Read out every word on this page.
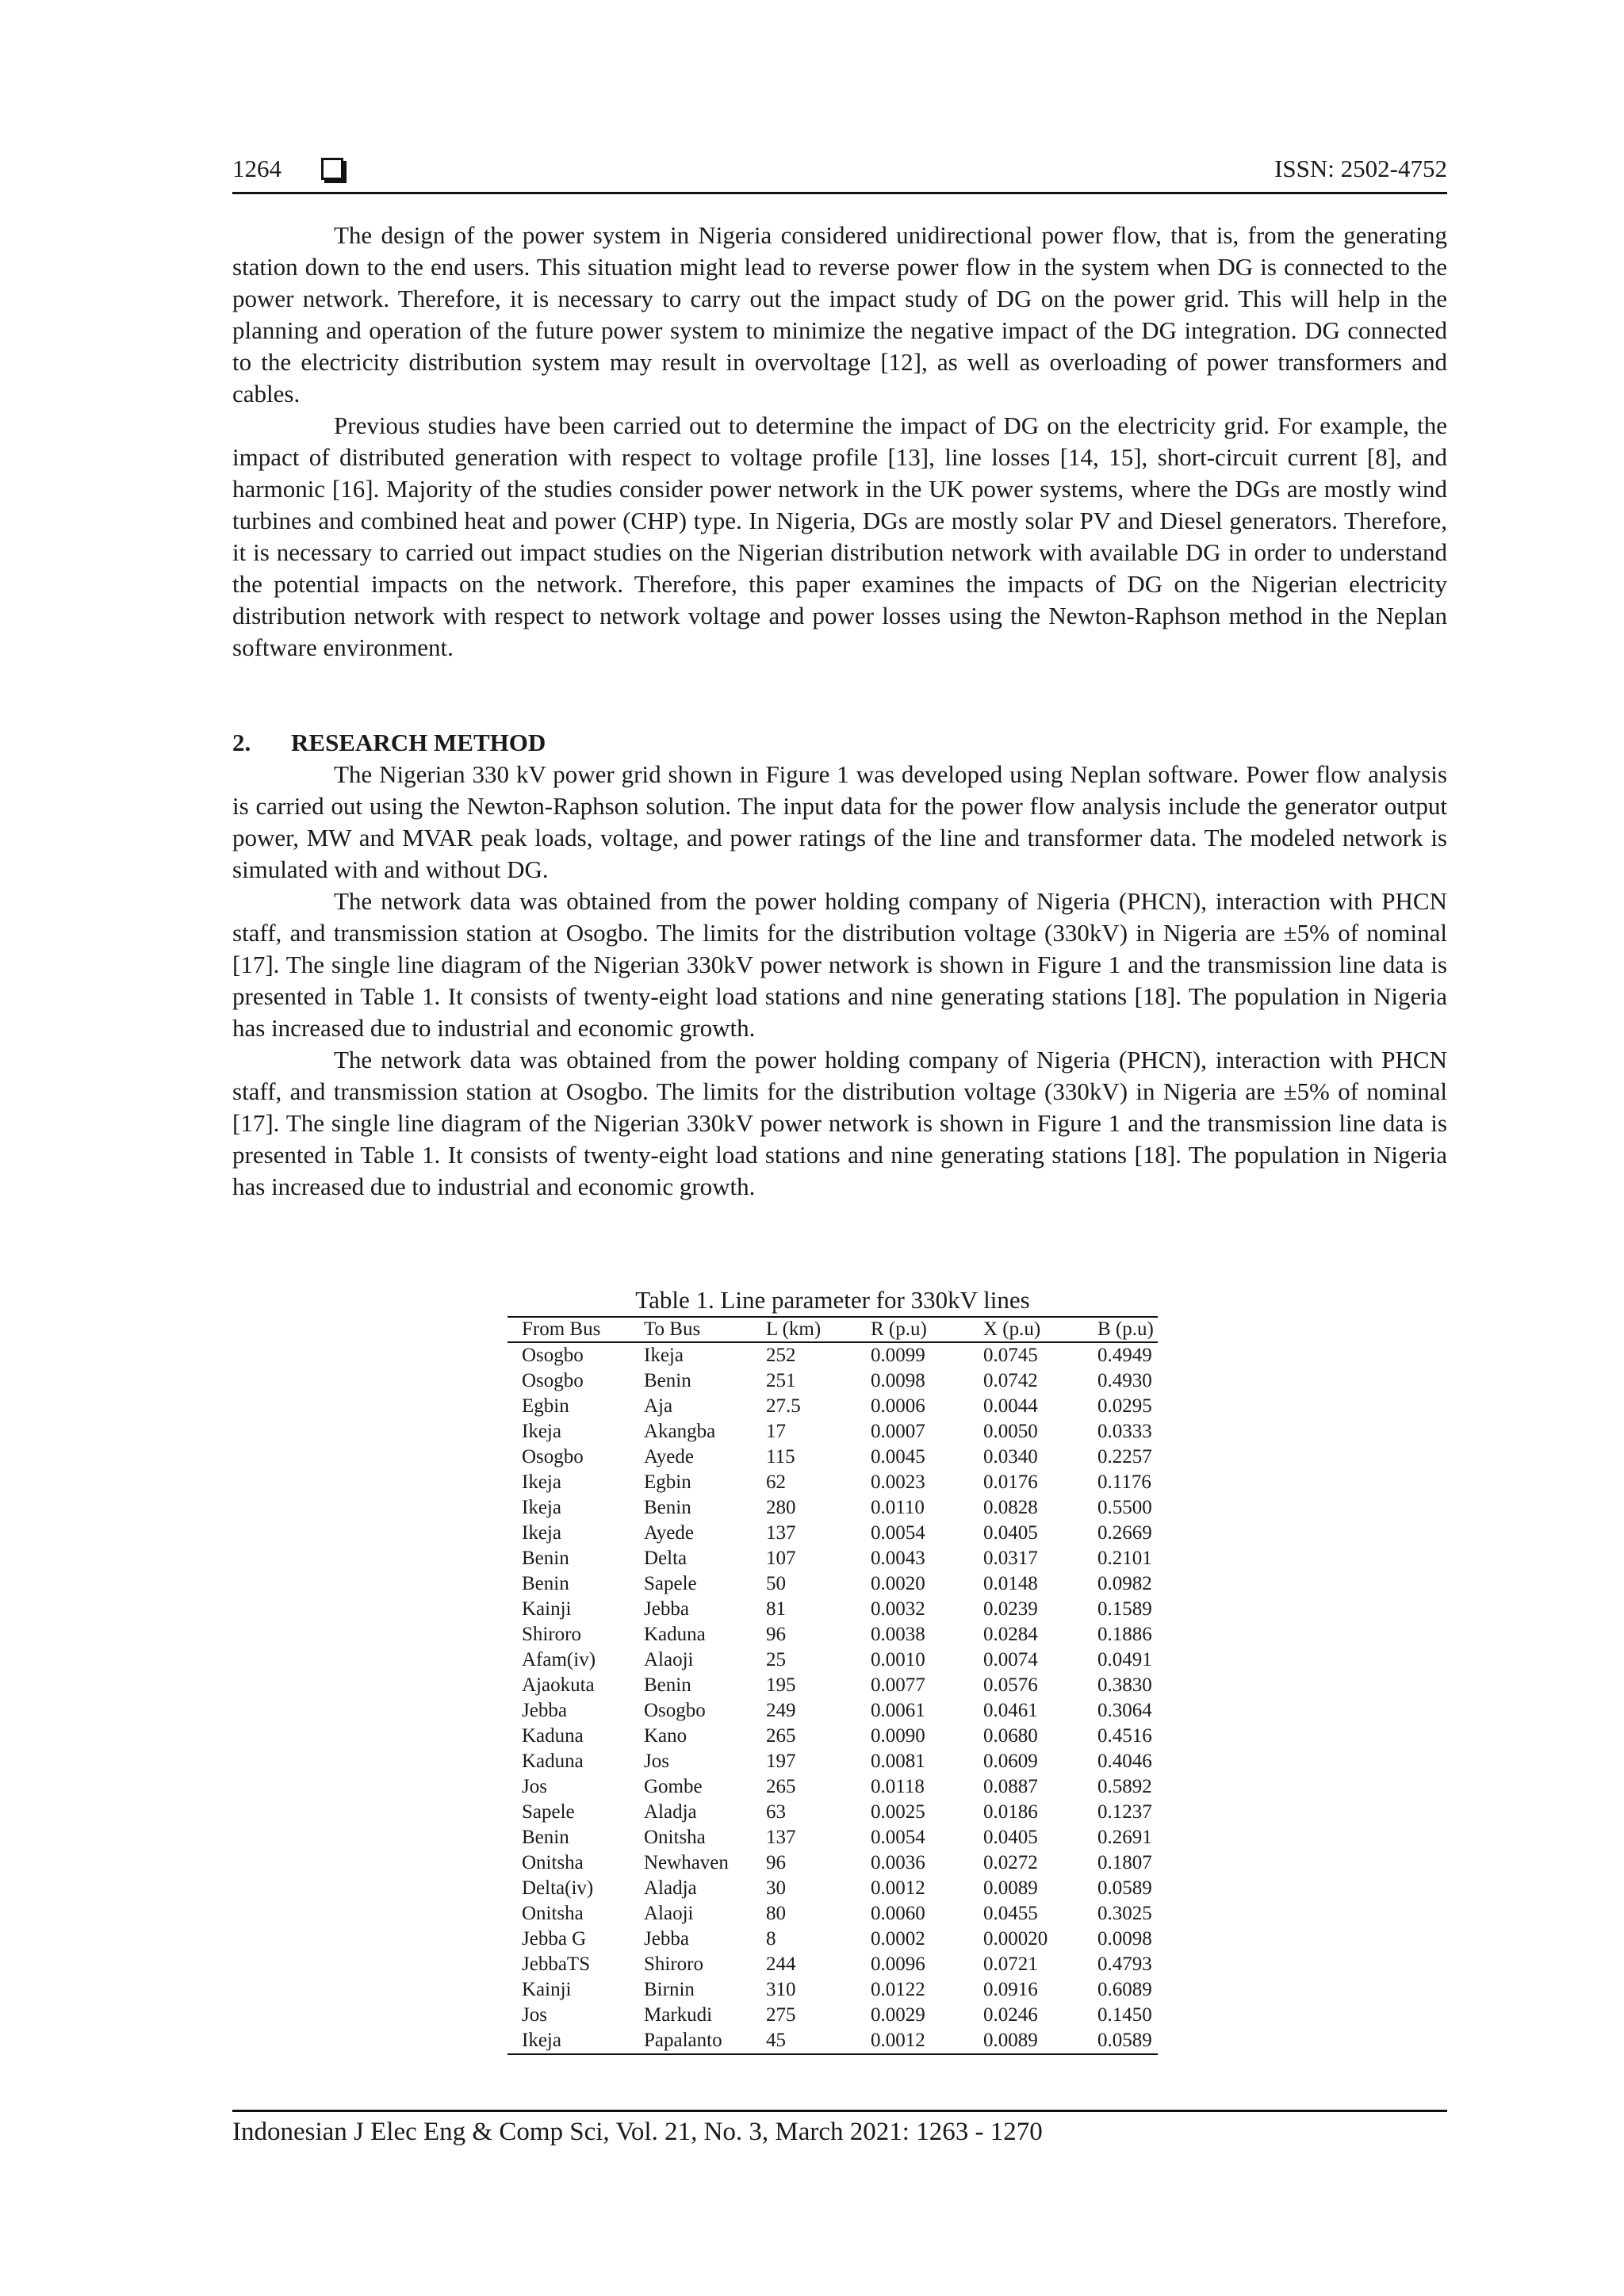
1264	ISSN: 2502-4752

The design of the power system in Nigeria considered unidirectional power flow, that is, from the generating station down to the end users. This situation might lead to reverse power flow in the system when DG is connected to the power network. Therefore, it is necessary to carry out the impact study of DG on the power grid. This will help in the planning and operation of the future power system to minimize the negative impact of the DG integration. DG connected to the electricity distribution system may result in overvoltage [12], as well as overloading of power transformers and cables.

Previous studies have been carried out to determine the impact of DG on the electricity grid. For example, the impact of distributed generation with respect to voltage profile [13], line losses [14, 15], short-circuit current [8], and harmonic [16]. Majority of the studies consider power network in the UK power systems, where the DGs are mostly wind turbines and combined heat and power (CHP) type. In Nigeria, DGs are mostly solar PV and Diesel generators. Therefore, it is necessary to carried out impact studies on the Nigerian distribution network with available DG in order to understand the potential impacts on the network. Therefore, this paper examines the impacts of DG on the Nigerian electricity distribution network with respect to network voltage and power losses using the Newton-Raphson method in the Neplan software environment.

2. RESEARCH METHOD

The Nigerian 330 kV power grid shown in Figure 1 was developed using Neplan software. Power flow analysis is carried out using the Newton-Raphson solution. The input data for the power flow analysis include the generator output power, MW and MVAR peak loads, voltage, and power ratings of the line and transformer data. The modeled network is simulated with and without DG.

The network data was obtained from the power holding company of Nigeria (PHCN), interaction with PHCN staff, and transmission station at Osogbo. The limits for the distribution voltage (330kV) in Nigeria are ±5% of nominal [17]. The single line diagram of the Nigerian 330kV power network is shown in Figure 1 and the transmission line data is presented in Table 1. It consists of twenty-eight load stations and nine generating stations [18]. The population in Nigeria has increased due to industrial and economic growth.

The network data was obtained from the power holding company of Nigeria (PHCN), interaction with PHCN staff, and transmission station at Osogbo. The limits for the distribution voltage (330kV) in Nigeria are ±5% of nominal [17]. The single line diagram of the Nigerian 330kV power network is shown in Figure 1 and the transmission line data is presented in Table 1. It consists of twenty-eight load stations and nine generating stations [18]. The population in Nigeria has increased due to industrial and economic growth.

Table 1. Line parameter for 330kV lines
From Bus	To Bus	L (km)	R (p.u)	X (p.u)	B (p.u)
Osogbo	Ikeja	252	0.0099	0.0745	0.4949
Osogbo	Benin	251	0.0098	0.0742	0.4930
Egbin	Aja	27.5	0.0006	0.0044	0.0295
Ikeja	Akangba	17	0.0007	0.0050	0.0333
Osogbo	Ayede	115	0.0045	0.0340	0.2257
Ikeja	Egbin	62	0.0023	0.0176	0.1176
Ikeja	Benin	280	0.0110	0.0828	0.5500
Ikeja	Ayede	137	0.0054	0.0405	0.2669
Benin	Delta	107	0.0043	0.0317	0.2101
Benin	Sapele	50	0.0020	0.0148	0.0982
Kainji	Jebba	81	0.0032	0.0239	0.1589
Shiroro	Kaduna	96	0.0038	0.0284	0.1886
Afam(iv)	Alaoji	25	0.0010	0.0074	0.0491
Ajaokuta	Benin	195	0.0077	0.0576	0.3830
Jebba	Osogbo	249	0.0061	0.0461	0.3064
Kaduna	Kano	265	0.0090	0.0680	0.4516
Kaduna	Jos	197	0.0081	0.0609	0.4046
Jos	Gombe	265	0.0118	0.0887	0.5892
Sapele	Aladja	63	0.0025	0.0186	0.1237
Benin	Onitsha	137	0.0054	0.0405	0.2691
Onitsha	Newhaven	96	0.0036	0.0272	0.1807
Delta(iv)	Aladja	30	0.0012	0.0089	0.0589
Onitsha	Alaoji	80	0.0060	0.0455	0.3025
Jebba G	Jebba	8	0.0002	0.00020	0.0098
JebbaTS	Shiroro	244	0.0096	0.0721	0.4793
Kainji	Birnin	310	0.0122	0.0916	0.6089
Jos	Markudi	275	0.0029	0.0246	0.1450
Ikeja	Papalanto	45	0.0012	0.0089	0.0589
Indonesian J Elec Eng & Comp Sci, Vol. 21, No. 3, March 2021: 1263 - 1270
